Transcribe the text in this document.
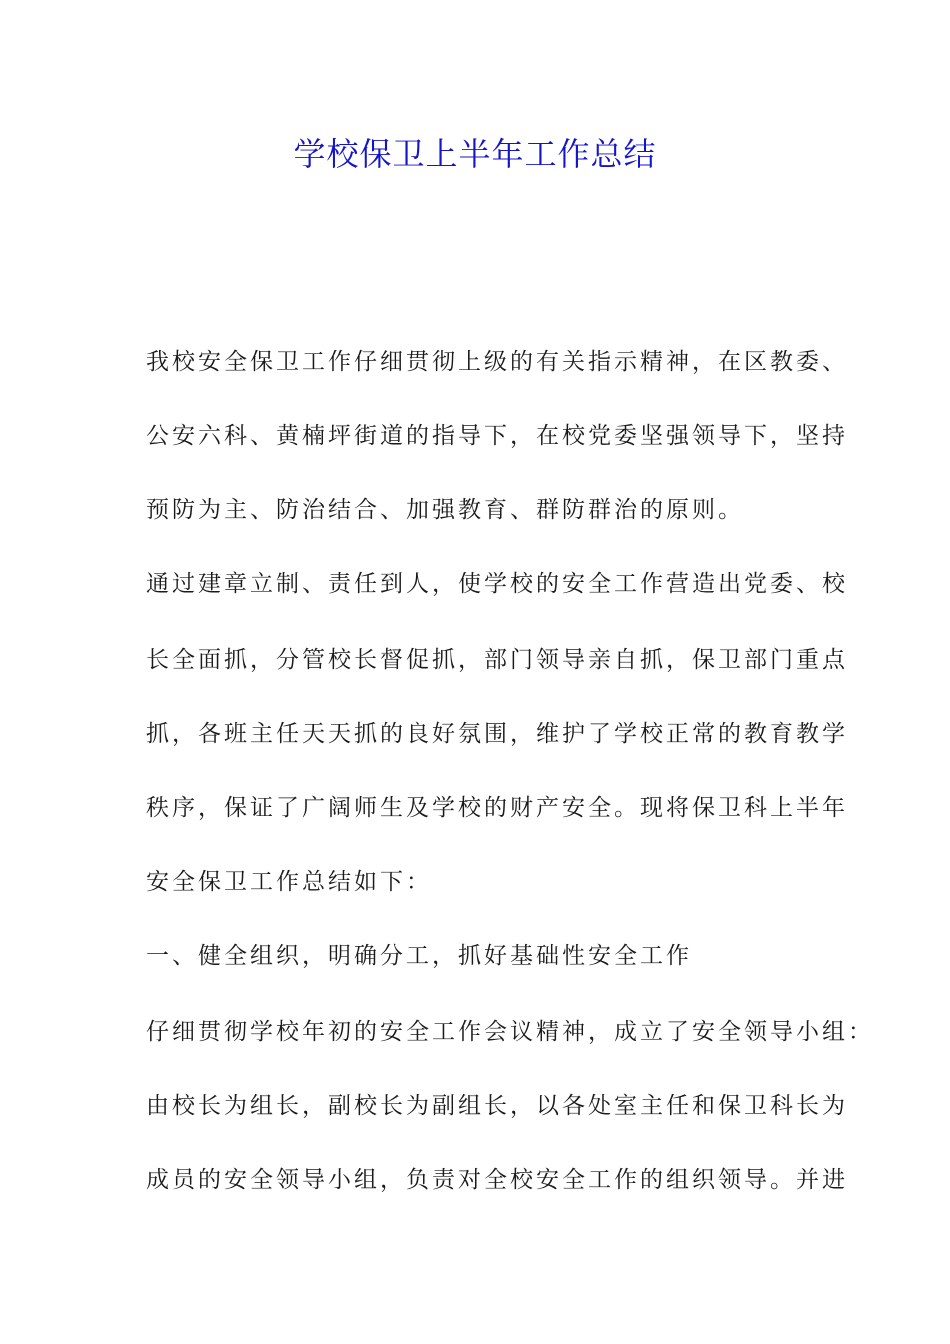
学校保卫上半年工作总结
我校安全保卫工作仔细贯彻上级的有关指示精神，在区教委、
公安六科、黄楠坪街道的指导下，在校党委坚强领导下，坚持
预防为主、防治结合、加强教育、群防群治的原则。
通过建章立制、责任到人，使学校的安全工作营造出党委、校
长全面抓，分管校长督促抓，部门领导亲自抓，保卫部门重点
抓，各班主任天天抓的良好氛围，维护了学校正常的教育教学
秩序，保证了广阔师生及学校的财产安全。现将保卫科上半年
安全保卫工作总结如下：
一、健全组织，明确分工，抓好基础性安全工作
仔细贯彻学校年初的安全工作会议精神，成立了安全领导小组：
由校长为组长，副校长为副组长，以各处室主任和保卫科长为
成员的安全领导小组，负责对全校安全工作的组织领导。并进
